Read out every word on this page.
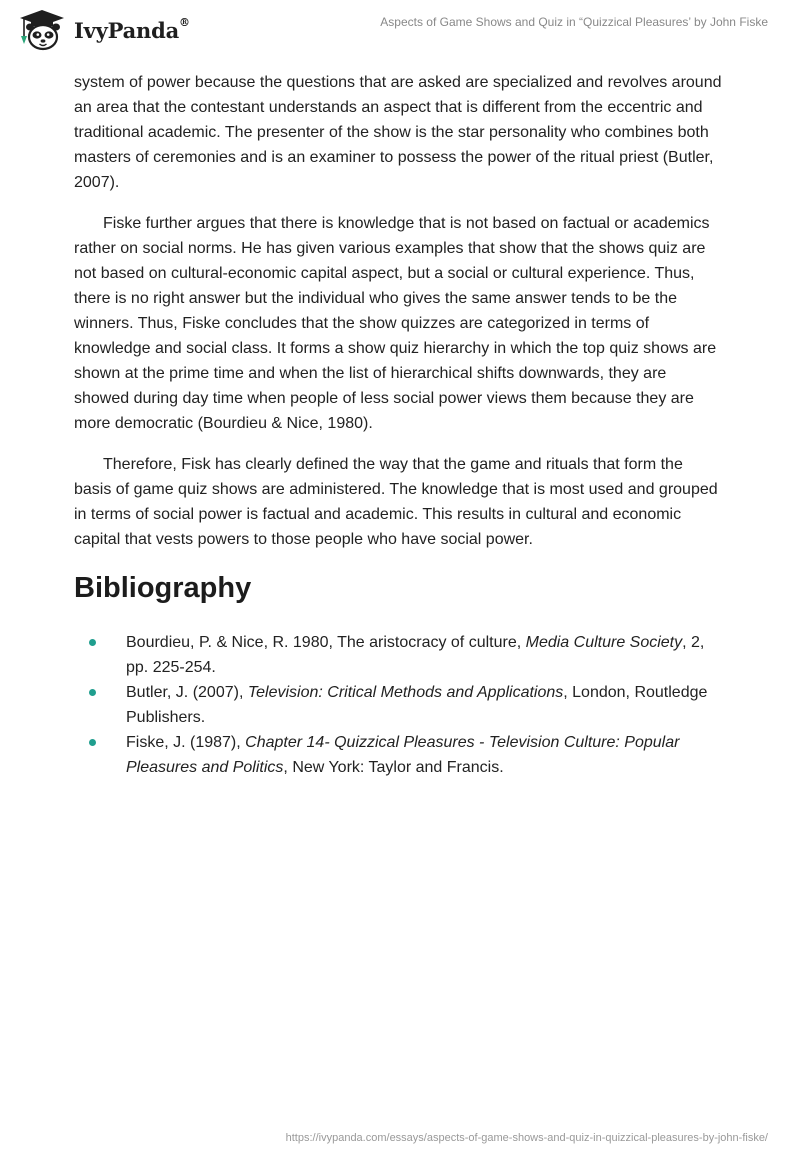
IvyPanda®	Aspects of Game Shows and Quiz in “Quizzical Pleasures’ by John Fiske

system of power because the questions that are asked are specialized and revolves around an area that the contestant understands an aspect that is different from the eccentric and traditional academic. The presenter of the show is the star personality who combines both masters of ceremonies and is an examiner to possess the power of the ritual priest (Butler, 2007).

Fiske further argues that there is knowledge that is not based on factual or academics rather on social norms. He has given various examples that show that the shows quiz are not based on cultural-economic capital aspect, but a social or cultural experience. Thus, there is no right answer but the individual who gives the same answer tends to be the winners. Thus, Fiske concludes that the show quizzes are categorized in terms of knowledge and social class. It forms a show quiz hierarchy in which the top quiz shows are shown at the prime time and when the list of hierarchical shifts downwards, they are showed during day time when people of less social power views them because they are more democratic (Bourdieu & Nice, 1980).

Therefore, Fisk has clearly defined the way that the game and rituals that form the basis of game quiz shows are administered. The knowledge that is most used and grouped in terms of social power is factual and academic. This results in cultural and economic capital that vests powers to those people who have social power.

Bibliography
Bourdieu, P. & Nice, R. 1980, The aristocracy of culture, Media Culture Society, 2, pp. 225-254.
Butler, J. (2007), Television: Critical Methods and Applications, London, Routledge Publishers.
Fiske, J. (1987), Chapter 14- Quizzical Pleasures - Television Culture: Popular Pleasures and Politics, New York: Taylor and Francis.
https://ivypanda.com/essays/aspects-of-game-shows-and-quiz-in-quizzical-pleasures-by-john-fiske/
